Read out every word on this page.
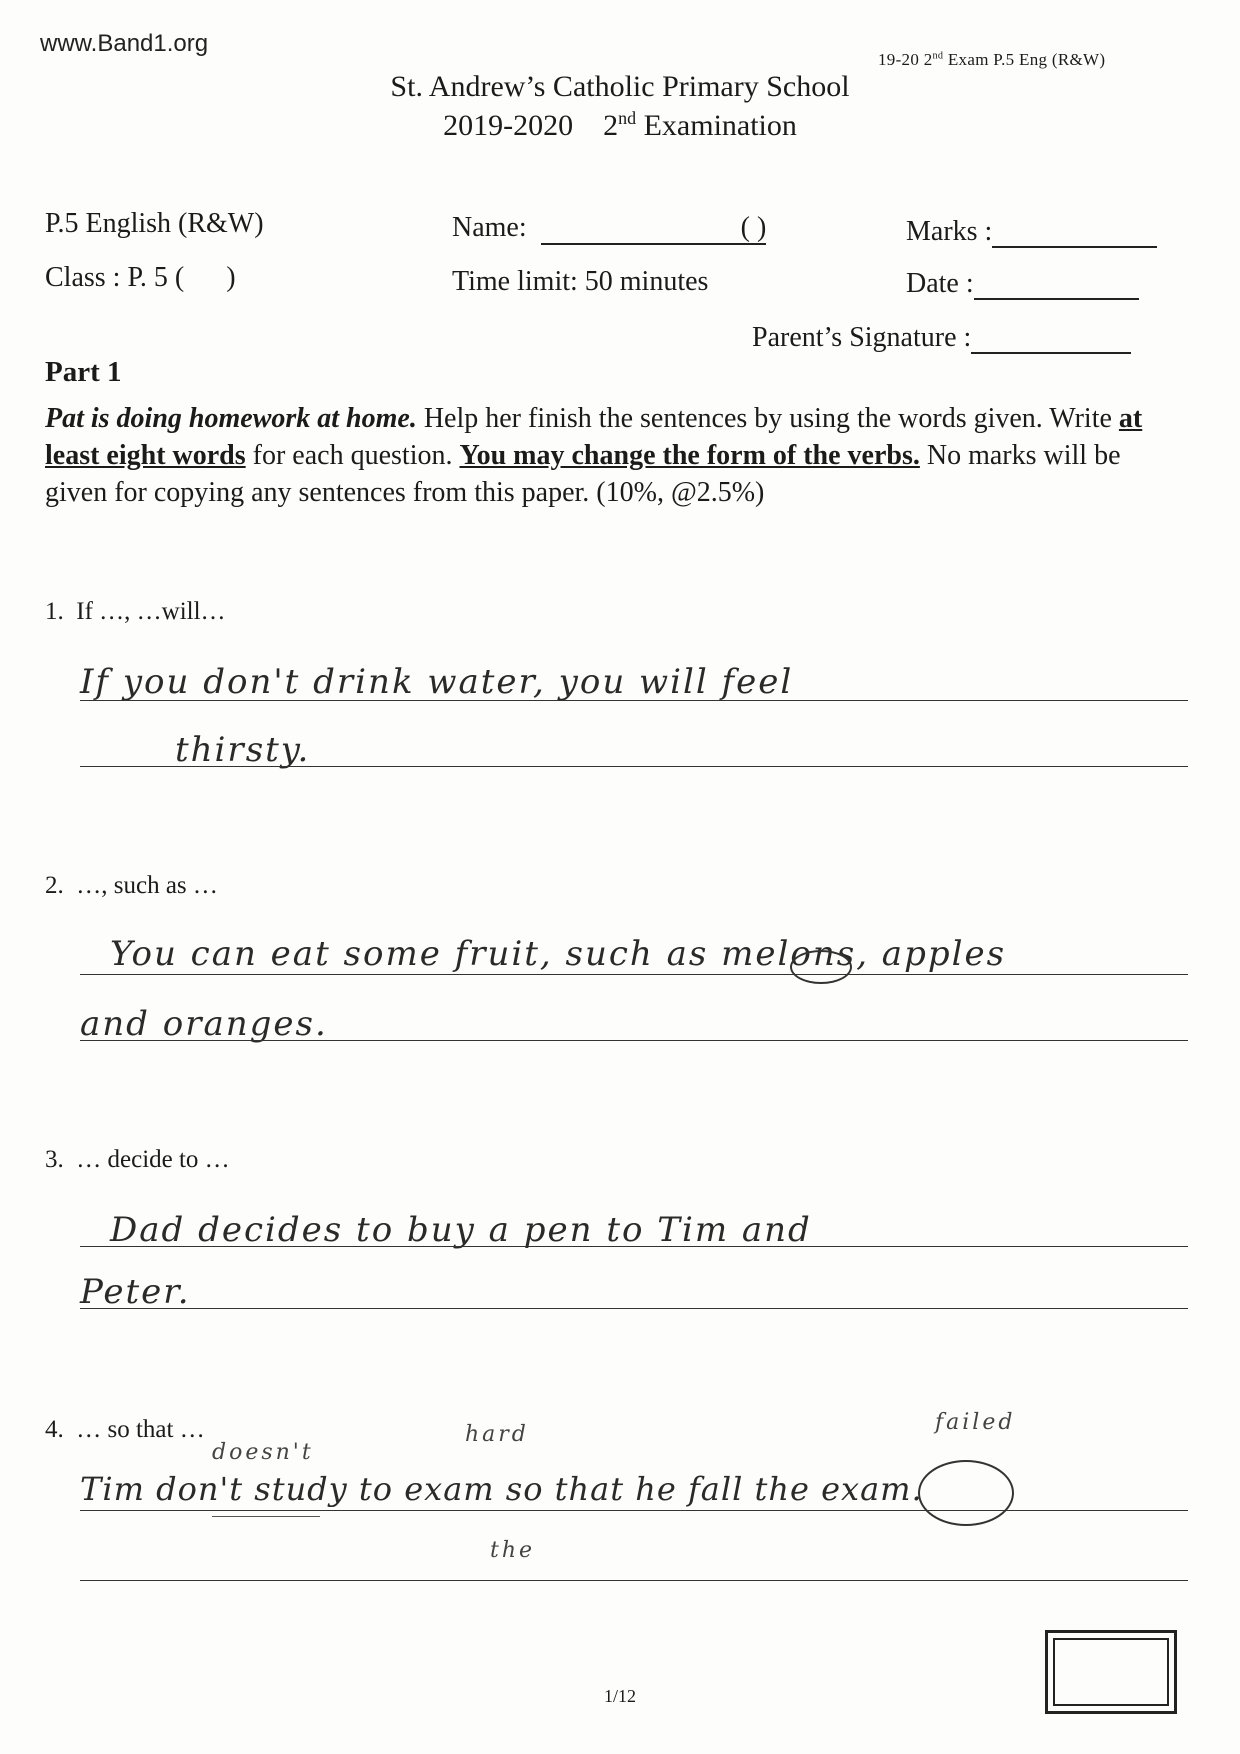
www.Band1.org
19-20 2nd Exam P.5 Eng (R&W)
St. Andrew’s Catholic Primary School
2019-2020 2nd Examination
P.5 English (R&W)
Class : P. 5 ( )
Name:	( )
Time limit: 50 minutes
Marks :
Date :
Parent’s Signature :
Part 1
Pat is doing homework at home. Help her finish the sentences by using the words given. Write at least eight words for each question. You may change the form of the verbs. No marks will be given for copying any sentences from this paper. (10%, @2.5%)
1. If …, …will…
If you don't drink water, you will feel
thirsty.
2. …, such as …
You can eat some fruit, such as melons, apples
and oranges.
3. … decide to …
Dad decides to buy a pen to Tim and
Peter.
4. … so that …
doesn't
hard	failed
Tim don't study to exam so that he fall the exam.
the
1/12
